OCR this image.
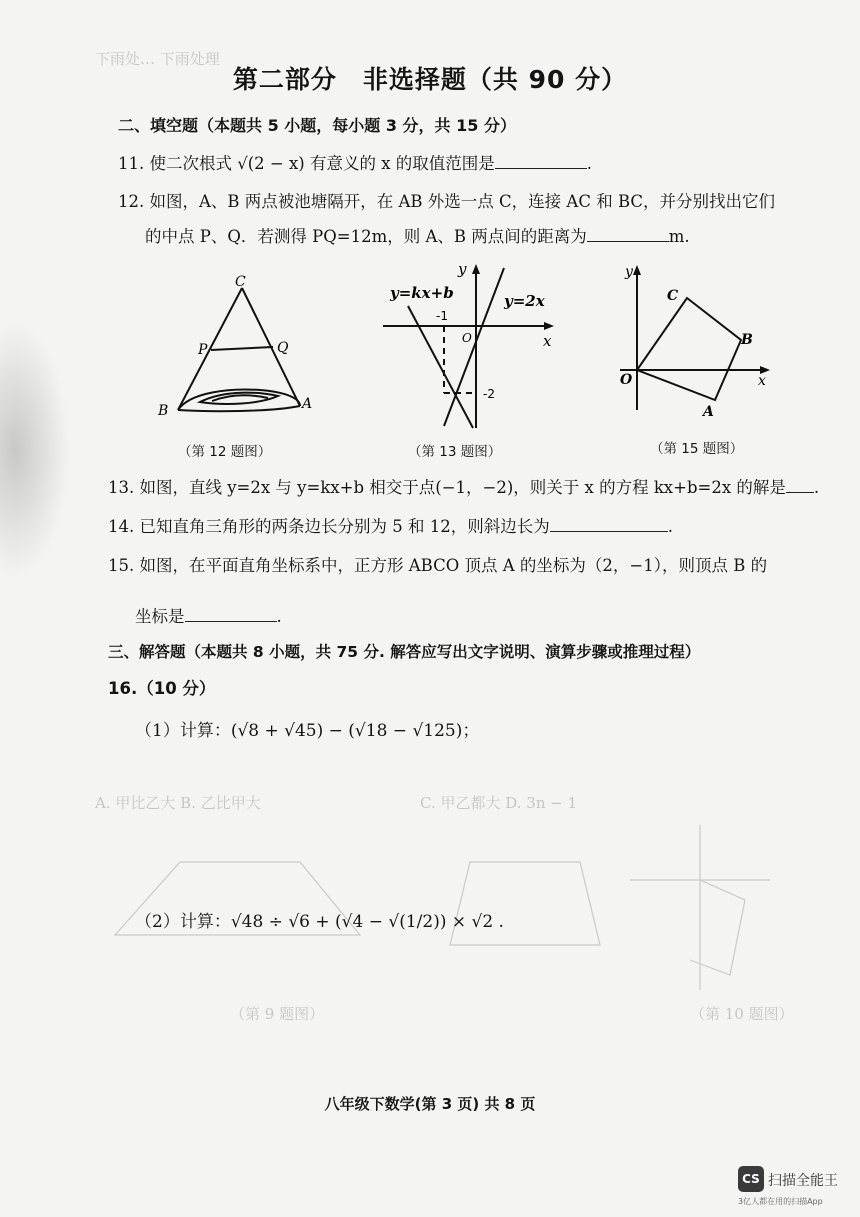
下雨处… 下雨处理
A. 甲比乙大 B. 乙比甲大	C. 甲乙都大 D. 3n − 1
（第 9 题图）	（第 10 题图）
第二部分　非选择题（共 90 分）
二、填空题（本题共 5 小题，每小题 3 分，共 15 分）
11. 使二次根式 √(2 − x) 有意义的 x 的取值范围是	.
12. 如图，A、B 两点被池塘隔开，在 AB 外选一点 C，连接 AC 和 BC，并分别找出它们
的中点 P、Q．若测得 PQ=12m，则 A、B 两点间的距离为	m.
C
P	Q
B	A
（第 12 题图）
y
x
y=kx+b	y=2x
-1
-2
O
（第 13 题图）
y
x
C
B
O
A
（第 15 题图）
13. 如图，直线 y=2x 与 y=kx+b 相交于点(−1，−2)，则关于 x 的方程 kx+b=2x 的解是 .
14. 已知直角三角形的两条边长分别为 5 和 12，则斜边长为	.
15. 如图，在平面直角坐标系中，正方形 ABCO 顶点 A 的坐标为（2，−1），则顶点 B 的
坐标是	.
三、解答题（本题共 8 小题，共 75 分. 解答应写出文字说明、演算步骤或推理过程）
16.（10 分）
（1）计算：(√8 + √45) − (√18 − √125)；
（2）计算：√48 ÷ √6 + (√4 − √(1/2)) × √2 .
八年级下数学(第 3 页) 共 8 页
CS 扫描全能王
3亿人都在用的扫描App
